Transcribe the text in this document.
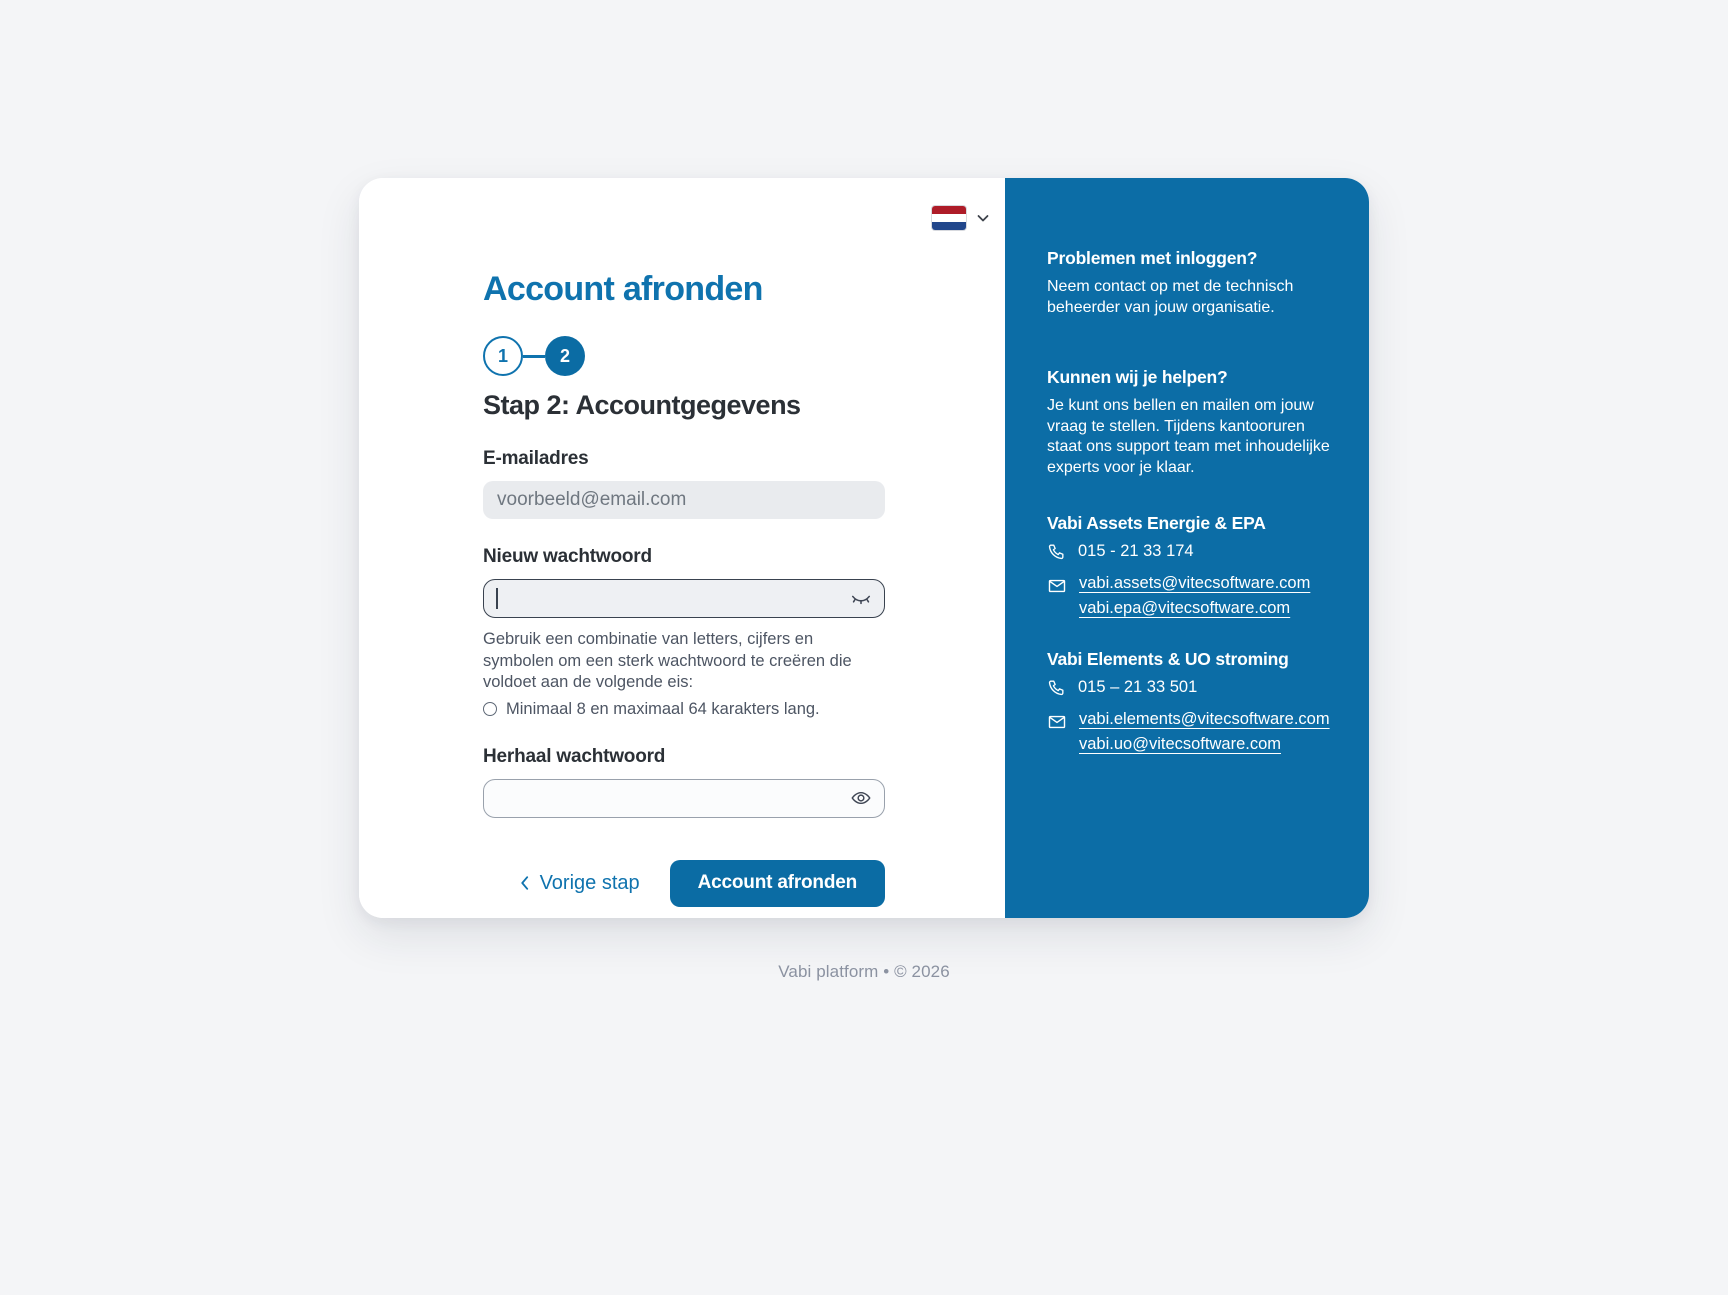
Account afronden
1	2
Stap 2: Accountgegevens
E-mailadres
voorbeeld@email.com
Nieuw wachtwoord

Gebruik een combinatie van letters, cijfers en symbolen om een sterk wachtwoord te creëren die voldoet aan de volgende eis:

Minimaal 8 en maximaal 64 karakters lang.
Herhaal wachtwoord
Vorige stap	Account afronden
Problemen met inloggen?

Neem contact op met de technisch beheerder van jouw organisatie.

Kunnen wij je helpen?

Je kunt ons bellen en mailen om jouw vraag te stellen. Tijdens kantooruren staat ons support team met inhoudelijke experts voor je klaar.

Vabi Assets Energie & EPA
015 - 21 33 174
vabi.assets@vitecsoftware.com
vabi.epa@vitecsoftware.com
Vabi Elements & UO stroming
015 – 21 33 501
vabi.elements@vitecsoftware.com
vabi.uo@vitecsoftware.com
Vabi platform • © 2026
